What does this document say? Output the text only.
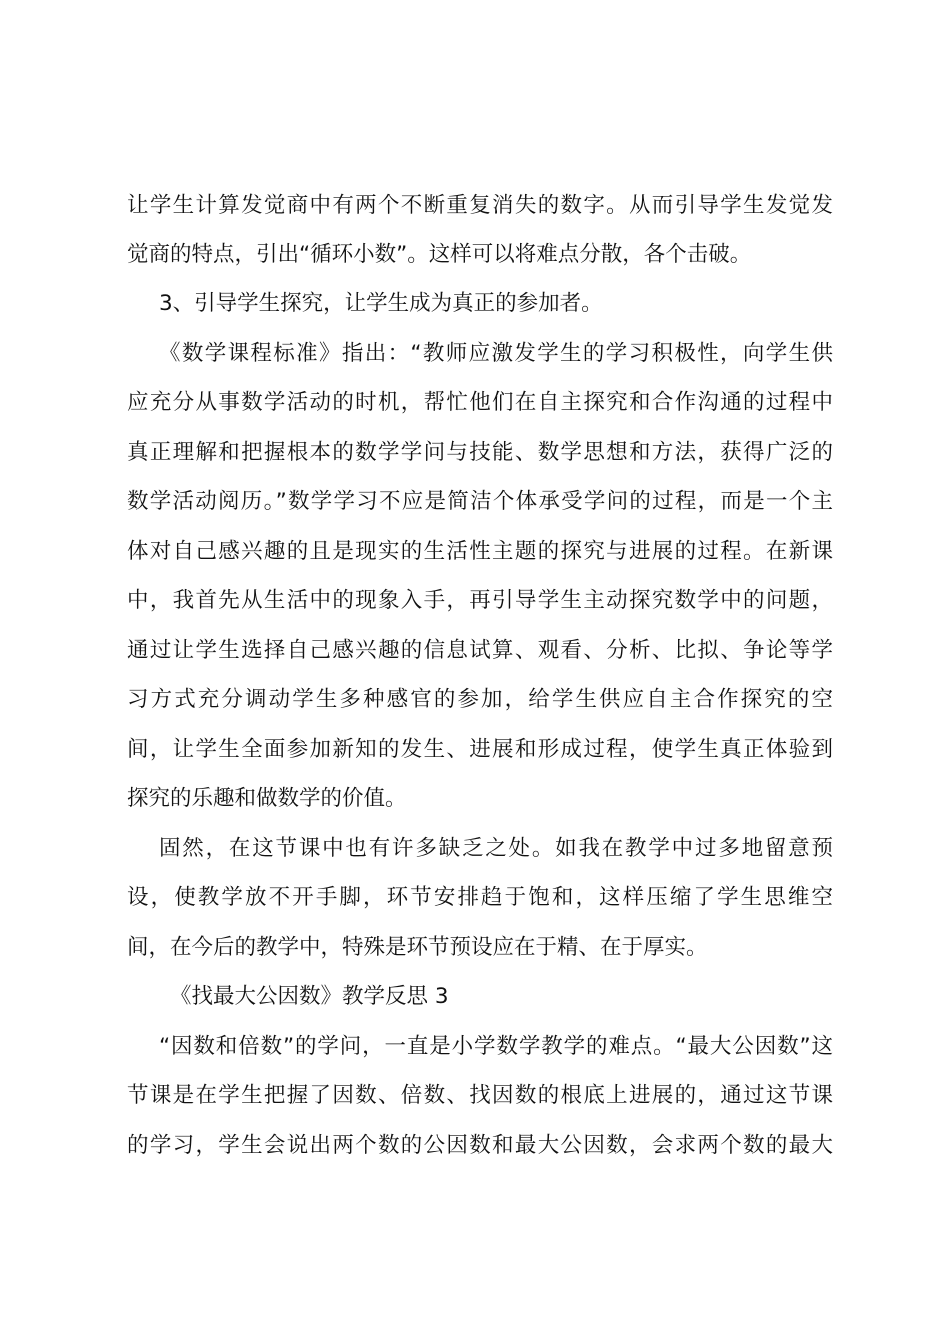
让学生计算发觉商中有两个不断重复消失的数字。从而引导学生发觉发
觉商的特点，引出“循环小数”。这样可以将难点分散，各个击破。
3、引导学生探究，让学生成为真正的参加者。
《数学课程标准》指出：“教师应激发学生的学习积极性，向学生供
应充分从事数学活动的时机，帮忙他们在自主探究和合作沟通的过程中
真正理解和把握根本的数学学问与技能、数学思想和方法，获得广泛的
数学活动阅历。”数学学习不应是简洁个体承受学问的过程，而是一个主
体对自己感兴趣的且是现实的生活性主题的探究与进展的过程。在新课
中，我首先从生活中的现象入手，再引导学生主动探究数学中的问题，
通过让学生选择自己感兴趣的信息试算、观看、分析、比拟、争论等学
习方式充分调动学生多种感官的参加，给学生供应自主合作探究的空
间，让学生全面参加新知的发生、进展和形成过程，使学生真正体验到
探究的乐趣和做数学的价值。
固然，在这节课中也有许多缺乏之处。如我在教学中过多地留意预
设，使教学放不开手脚，环节安排趋于饱和，这样压缩了学生思维空
间，在今后的教学中，特殊是环节预设应在于精、在于厚实。
《找最大公因数》教学反思 3
“因数和倍数”的学问，一直是小学数学教学的难点。“最大公因数”这
节课是在学生把握了因数、倍数、找因数的根底上进展的，通过这节课
的学习，学生会说出两个数的公因数和最大公因数，会求两个数的最大
